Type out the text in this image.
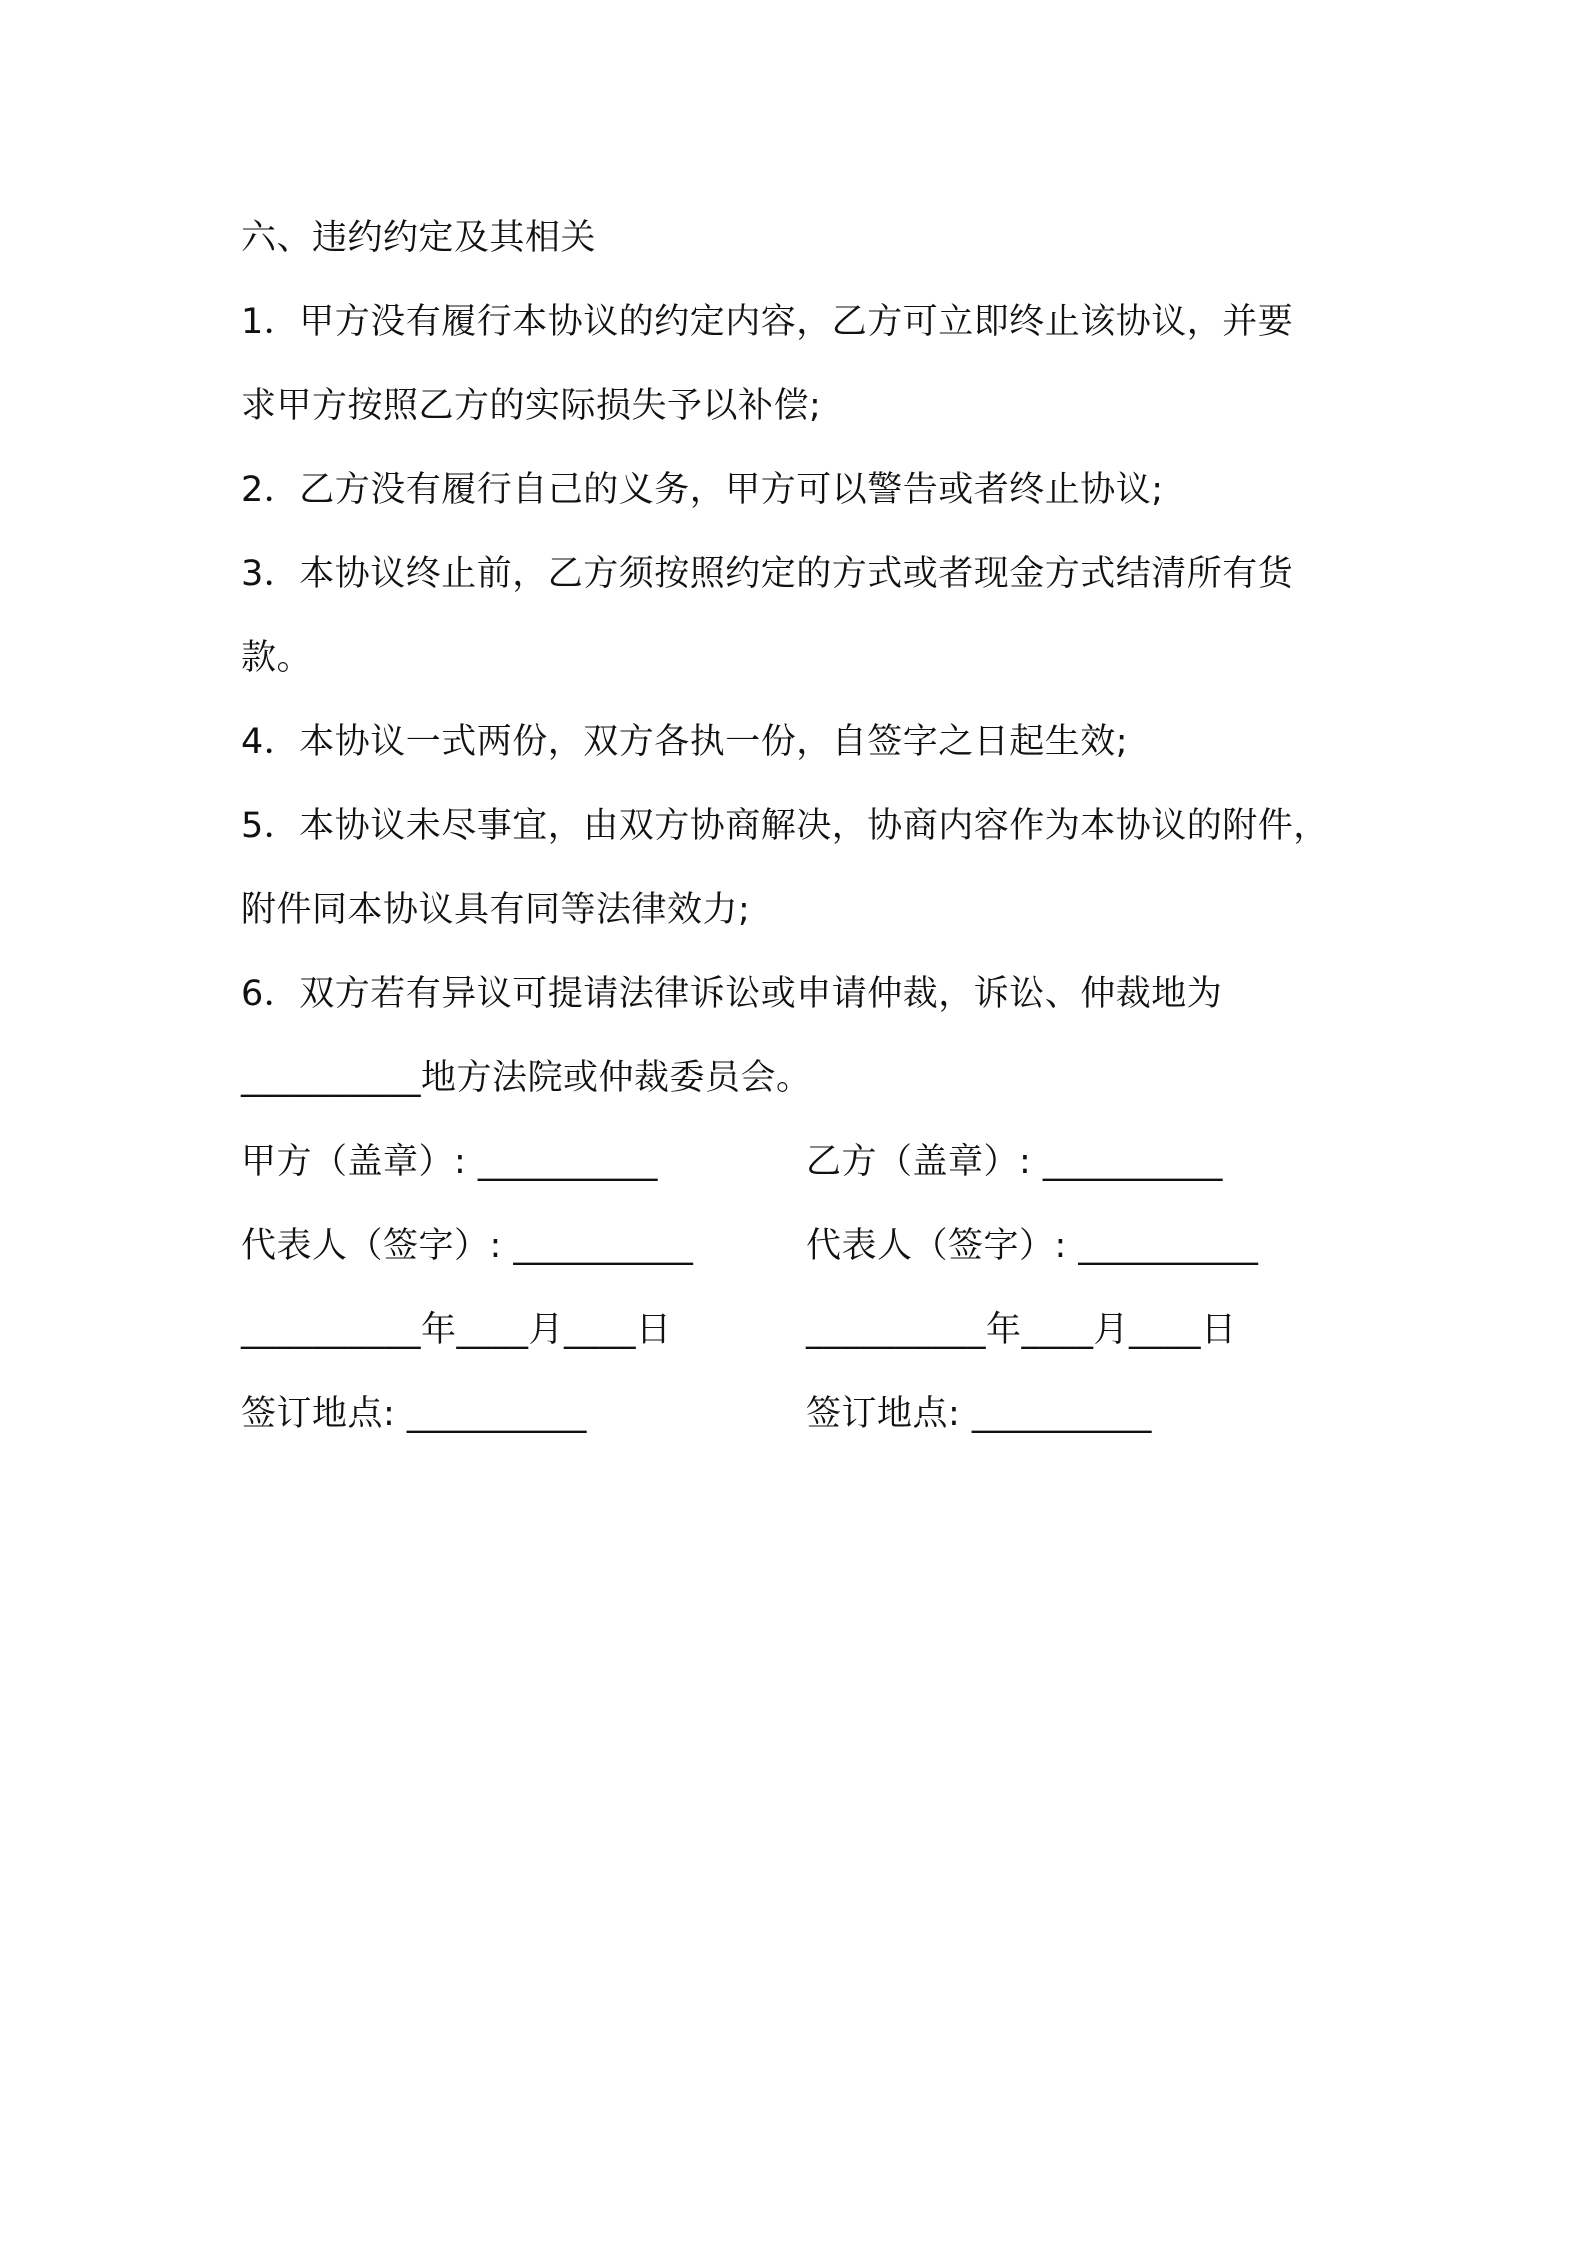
六、违约约定及其相关
1．甲方没有履行本协议的约定内容，乙方可立即终止该协议，并要
求甲方按照乙方的实际损失予以补偿;
2．乙方没有履行自己的义务，甲方可以警告或者终止协议;
3．本协议终止前，乙方须按照约定的方式或者现金方式结清所有货
款。
4．本协议一式两份，双方各执一份，自签字之日起生效;
5．本协议未尽事宜，由双方协商解决，协商内容作为本协议的附件，
附件同本协议具有同等法律效力;
6．双方若有异议可提请法律诉讼或申请仲裁，诉讼、仲裁地为
__________地方法院或仲裁委员会。
甲方（盖章）: __________	乙方（盖章）: __________
代表人（签字）: __________	代表人（签字）: __________
__________年____月____日	__________年____月____日
签订地点: __________	签订地点: __________
